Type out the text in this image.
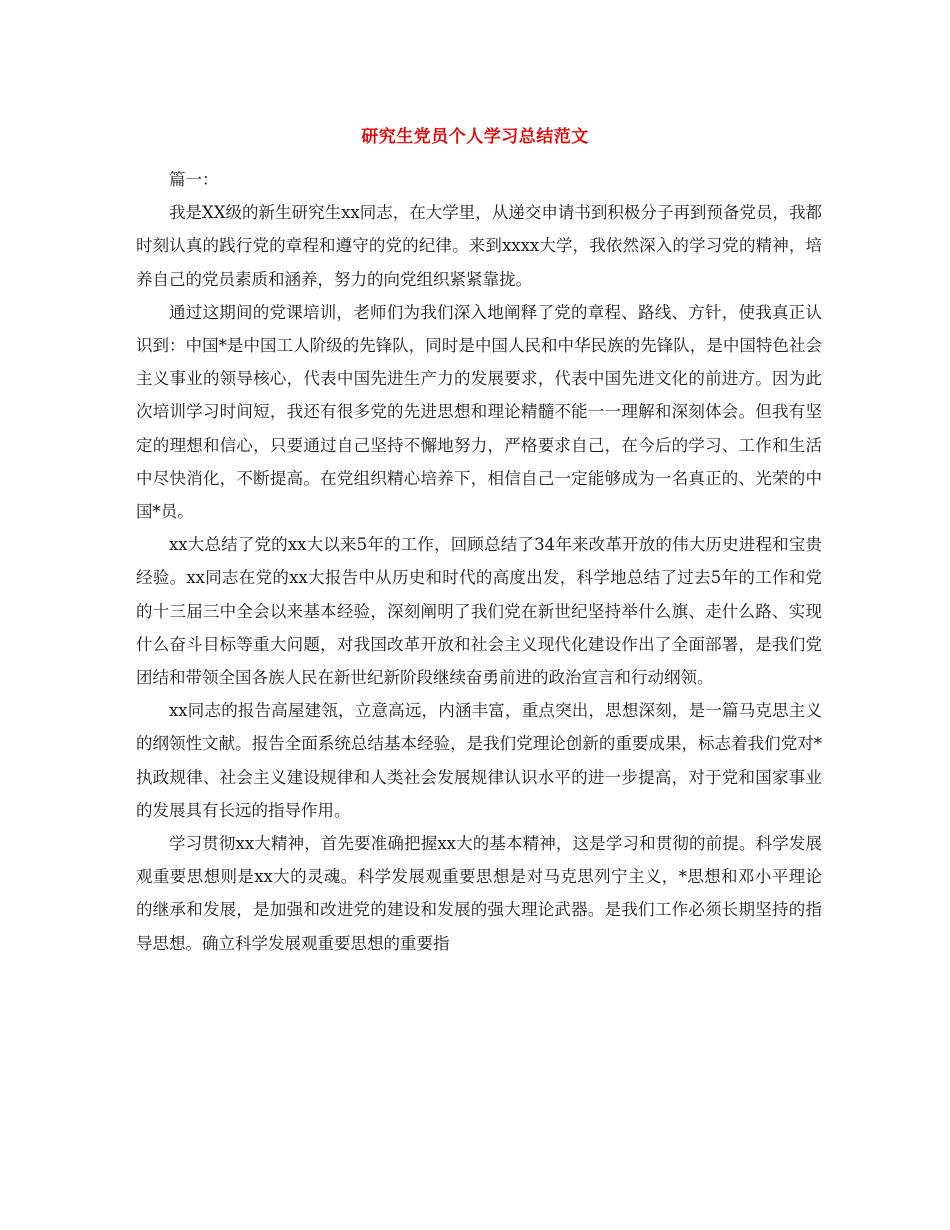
研究生党员个人学习总结范文

篇一：

我是XX级的新生研究生xx同志，在大学里，从递交申请书到积极分子再到预备党员，我都时刻认真的践行党的章程和遵守的党的纪律。来到xxxx大学，我依然深入的学习党的精神，培养自己的党员素质和涵养，努力的向党组织紧紧靠拢。

通过这期间的党课培训，老师们为我们深入地阐释了党的章程、路线、方针，使我真正认识到：中国*是中国工人阶级的先锋队，同时是中国人民和中华民族的先锋队，是中国特色社会主义事业的领导核心，代表中国先进生产力的发展要求，代表中国先进文化的前进方。因为此次培训学习时间短，我还有很多党的先进思想和理论精髓不能一一理解和深刻体会。但我有坚定的理想和信心，只要通过自己坚持不懈地努力，严格要求自己，在今后的学习、工作和生活中尽快消化，不断提高。在党组织精心培养下，相信自己一定能够成为一名真正的、光荣的中国*员。

xx大总结了党的xx大以来5年的工作，回顾总结了34年来改革开放的伟大历史进程和宝贵经验。xx同志在党的xx大报告中从历史和时代的高度出发，科学地总结了过去5年的工作和党的十三届三中全会以来基本经验，深刻阐明了我们党在新世纪坚持举什么旗、走什么路、实现什么奋斗目标等重大问题，对我国改革开放和社会主义现代化建设作出了全面部署，是我们党团结和带领全国各族人民在新世纪新阶段继续奋勇前进的政治宣言和行动纲领。

xx同志的报告高屋建瓴，立意高远，内涵丰富，重点突出，思想深刻，是一篇马克思主义的纲领性文献。报告全面系统总结基本经验，是我们党理论创新的重要成果，标志着我们党对*执政规律、社会主义建设规律和人类社会发展规律认识水平的进一步提高，对于党和国家事业的发展具有长远的指导作用。

学习贯彻xx大精神，首先要准确把握xx大的基本精神，这是学习和贯彻的前提。科学发展观重要思想则是xx大的灵魂。科学发展观重要思想是对马克思列宁主义，*思想和邓小平理论的继承和发展，是加强和改进党的建设和发展的强大理论武器。是我们工作必须长期坚持的指导思想。确立科学发展观重要思想的重要指
